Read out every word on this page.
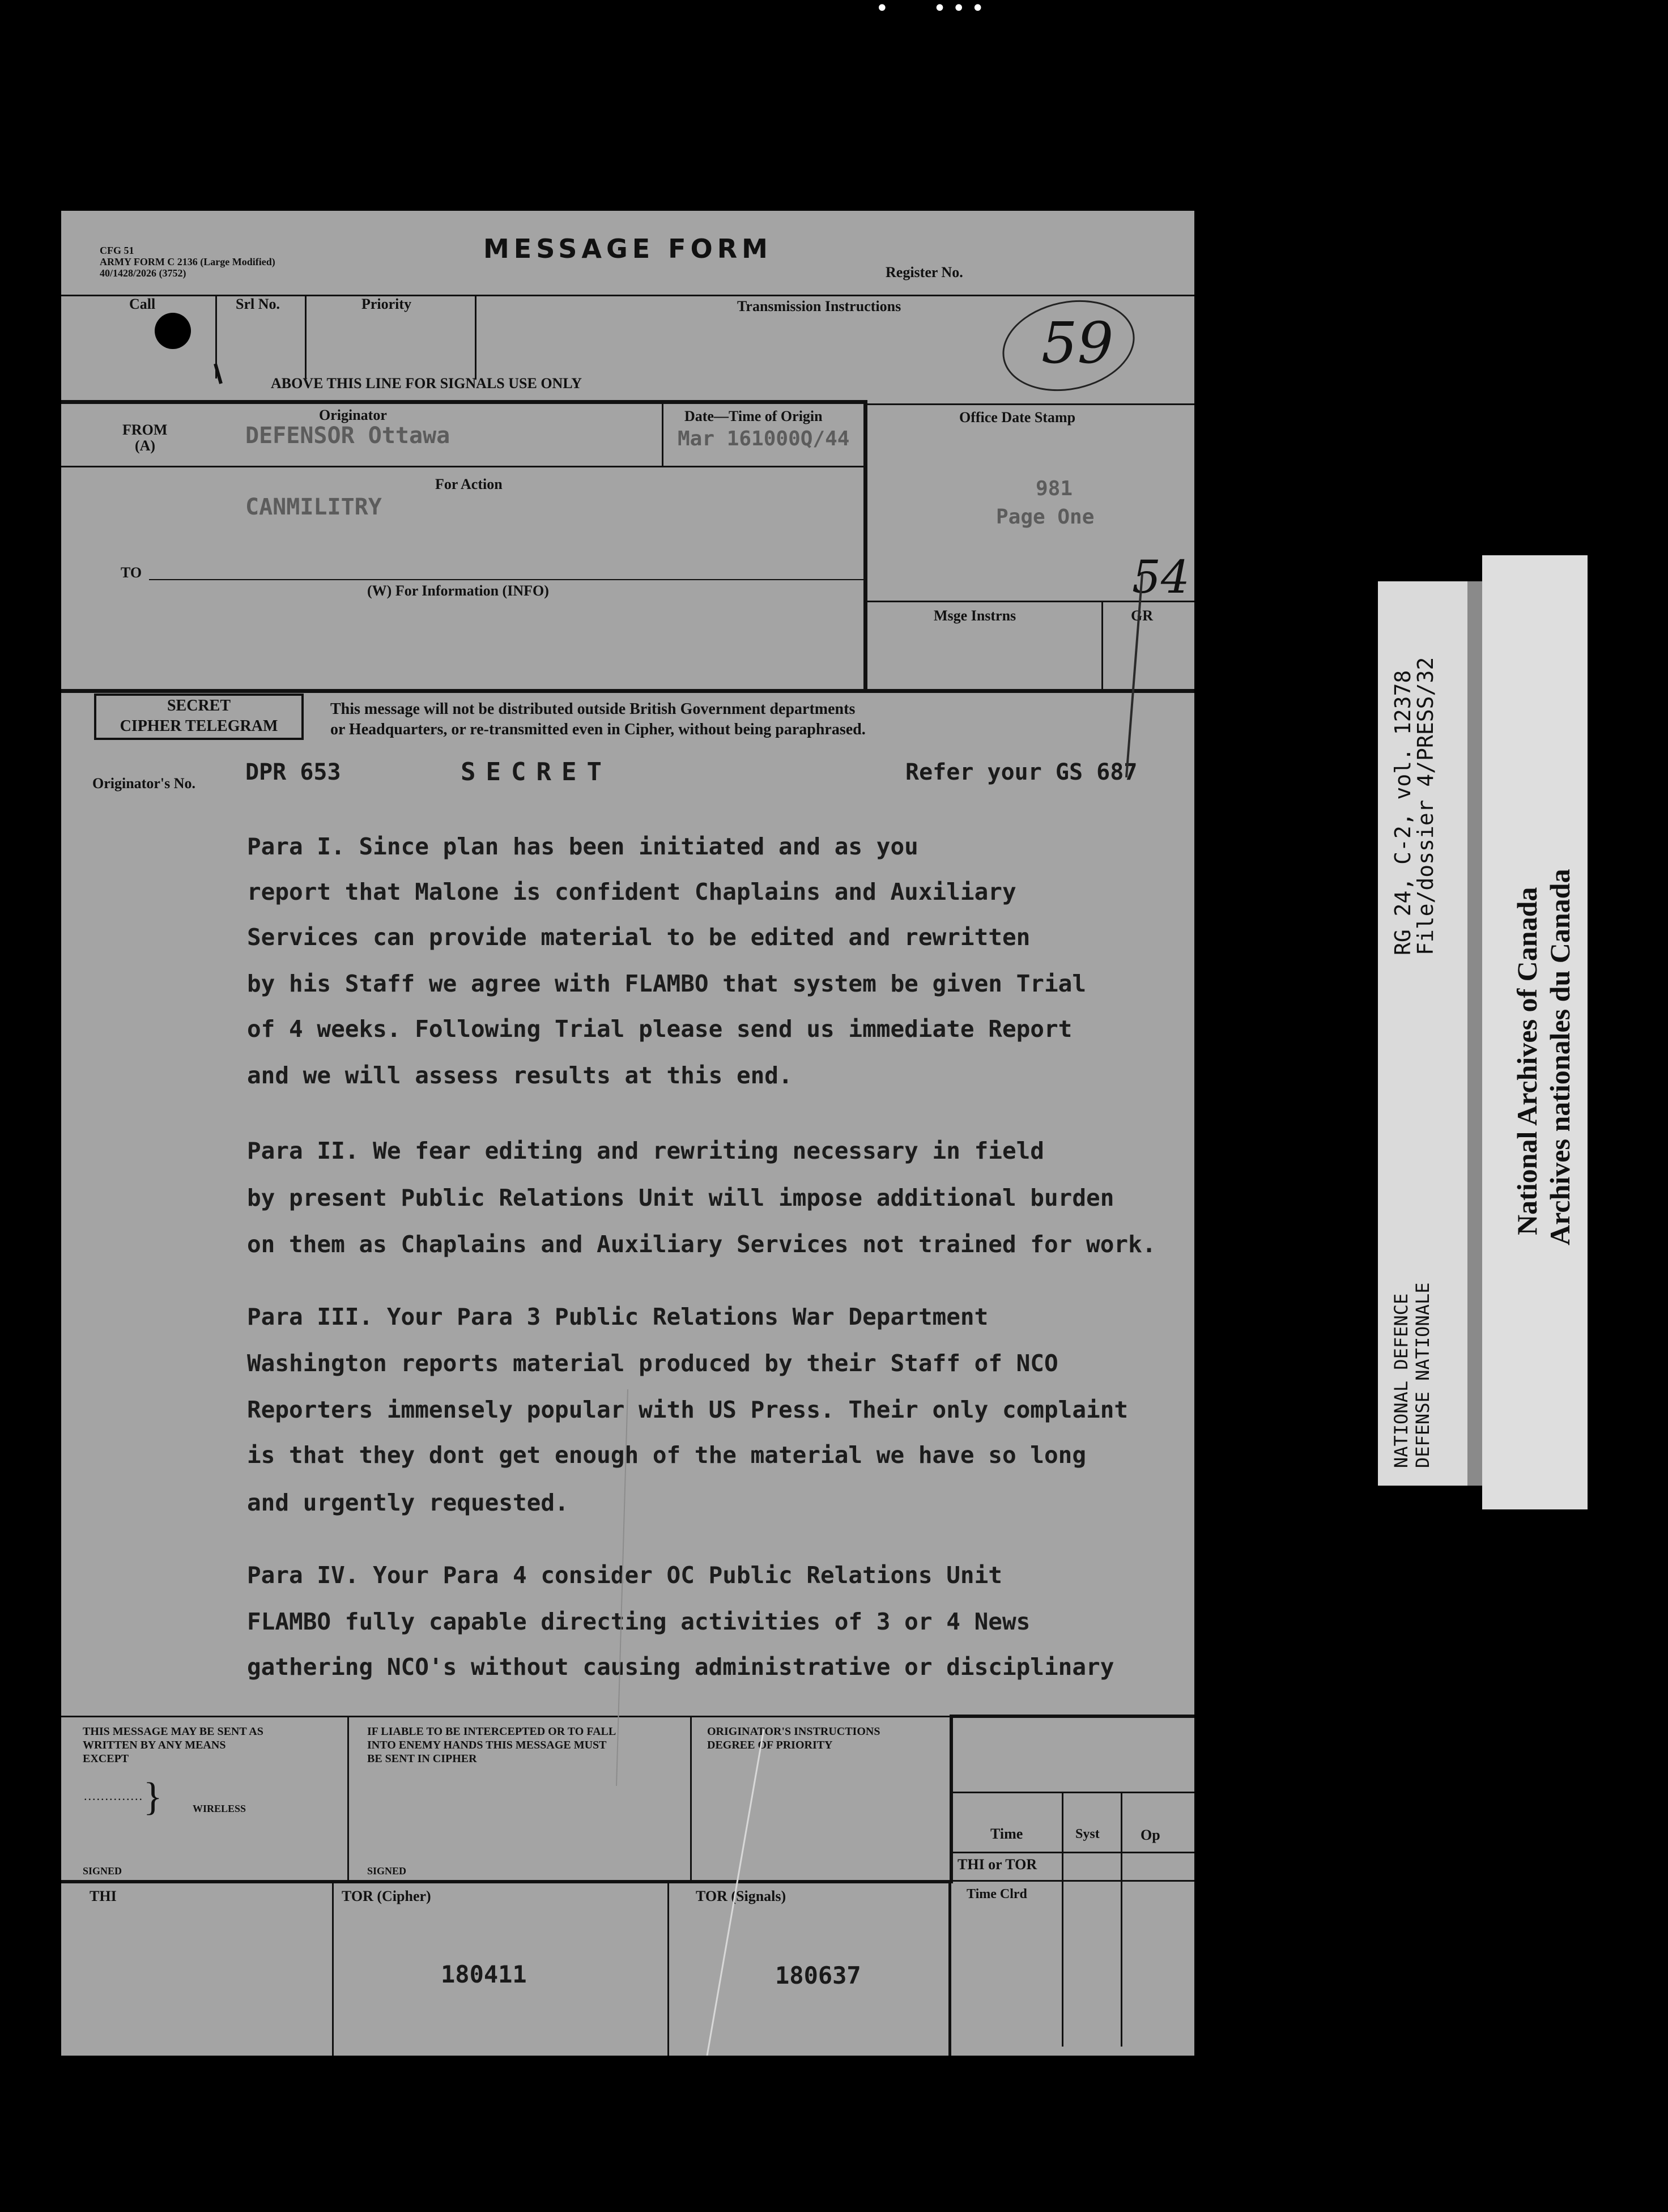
•   •••
CFG 51
ARMY FORM C 2136 (Large Modified)
40/1428/2026 (3752)
MESSAGE FORM
Register No.
Call	Srl No.	Priority	Transmission Instructions
59
ABOVE THIS LINE FOR SIGNALS USE ONLY
Originator
FROM
(A)	DEFENSOR Ottawa
Date—Time of Origin
Mar 161000Q/44
Office Date Stamp
For Action
CANMILITRY
981
Page One
TO
(W) For Information (INFO)
Msge Instrns	GR
54
SECRET
CIPHER TELEGRAM
This message will not be distributed outside British Government departments
or Headquarters, or re-transmitted even in Cipher, without being paraphrased.
Originator's No. DPR 653	SECRET	Refer your GS 687
Para I. Since plan has been initiated and as you
report that Malone is confident Chaplains and Auxiliary
Services can provide material to be edited and rewritten
by his Staff we agree with FLAMBO that system be given Trial
of 4 weeks. Following Trial please send us immediate Report
and we will assess results at this end.
Para II. We fear editing and rewriting necessary in field
by present Public Relations Unit will impose additional burden
on them as Chaplains and Auxiliary Services not trained for work.
Para III. Your Para 3 Public Relations War Department
Washington reports material produced by their Staff of NCO
Reporters immensely popular with US Press. Their only complaint
is that they dont get enough of the material we have so long
and urgently requested.
Para IV. Your Para 4 consider OC Public Relations Unit
FLAMBO fully capable directing activities of 3 or 4 News
gathering NCO's without causing administrative or disciplinary
THIS MESSAGE MAY BE SENT AS
WRITTEN BY ANY MEANS
EXCEPT
..............}	WIRELESS
SIGNED
IF LIABLE TO BE INTERCEPTED OR TO FALL
INTO ENEMY HANDS THIS MESSAGE MUST
BE SENT IN CIPHER
SIGNED
ORIGINATOR'S INSTRUCTIONS
DEGREE OF PRIORITY
Time	Syst	Op
THI or TOR
Time Clrd
THI	TOR (Cipher)
180411
TOR (Signals)
180637
RG 24, C-2, vol. 12378
File/dossier 4/PRESS/32
NATIONAL DEFENCE DEFENSE NATIONALE
National Archives of Canada Archives nationales du Canada
